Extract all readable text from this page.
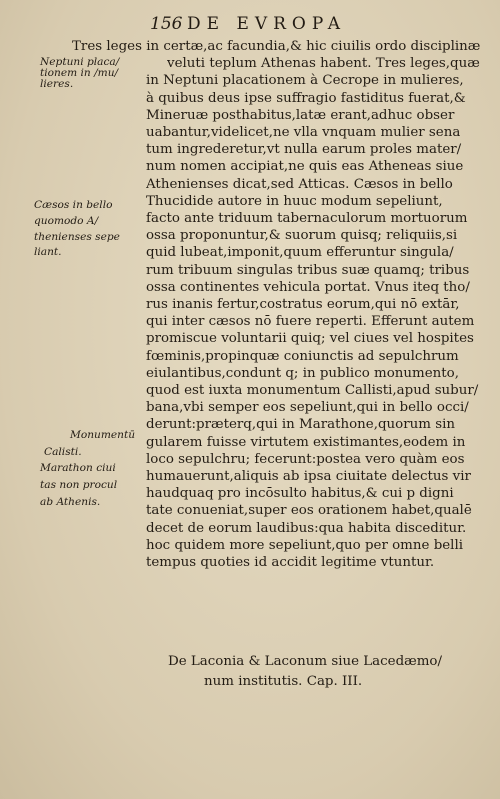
156 DE EVROPA
Tres leges in certæ,ac facundia,& hic ciuilis ordo disciplinæ
veluti teplum Athenas habent. Tres leges,quæ
in Neptuni placationem à Cecrope in mulieres,
à quibus deus ipse suffragio fastiditus fuerat,&
Mineruæ posthabitus,latæ erant,adhuc obser
uabantur,videlicet,ne vlla vnquam mulier sena
tum ingrederetur,vt nulla earum proles mater/
num nomen accipiat,ne quis eas Atheneas siue
Athenienses dicat,sed Atticas. Cæsos in bello
Thucidide autore in huuc modum sepeliunt,
facto ante triduum tabernaculorum mortuorum
ossa proponuntur,& suorum quisq; reliquiis,si
quid lubeat,imponit,quum efferuntur singula/
rum tribuum singulas tribus suæ quamq; tribus
ossa continentes vehicula portat. Vnus iteq tho/
rus inanis fertur,costratus eorum,qui nō extār,
qui inter cæsos nō fuere reperti. Efferunt autem
promiscue voluntarii quiq; vel ciues vel hospites
fœminis,propinquæ coniunctis ad sepulchrum
eiulantibus,condunt q; in publico monumento,
quod est iuxta monumentum Callisti,apud subur/
bana,vbi semper eos sepeliunt,qui in bello occi/
derunt:præterq,qui in Marathone,quorum sin
gularem fuisse virtutem existimantes,eodem in
loco sepulchru; fecerunt:postea vero quàm eos
humauerunt,aliquis ab ipsa ciuitate delectus vir
haudquaq pro incōsulto habitus,& cui p digni
tate conueniat,super eos orationem habet,qualē
decet de eorum laudibus:qua habita disceditur.
hoc quidem more sepeliunt,quo per omne belli
tempus quoties id accidit legitime vtuntur.
Neptuni placa/
tionem in /mu/
lieres.
Cæsos in bello
quomodo A/
thenienses sepe
liant.
Monumentū
Calisti.
Marathon ciui
tas non procul
ab Athenis.
De Laconia & Laconum siue Lacedæmo/
num institutis. Cap. III.
